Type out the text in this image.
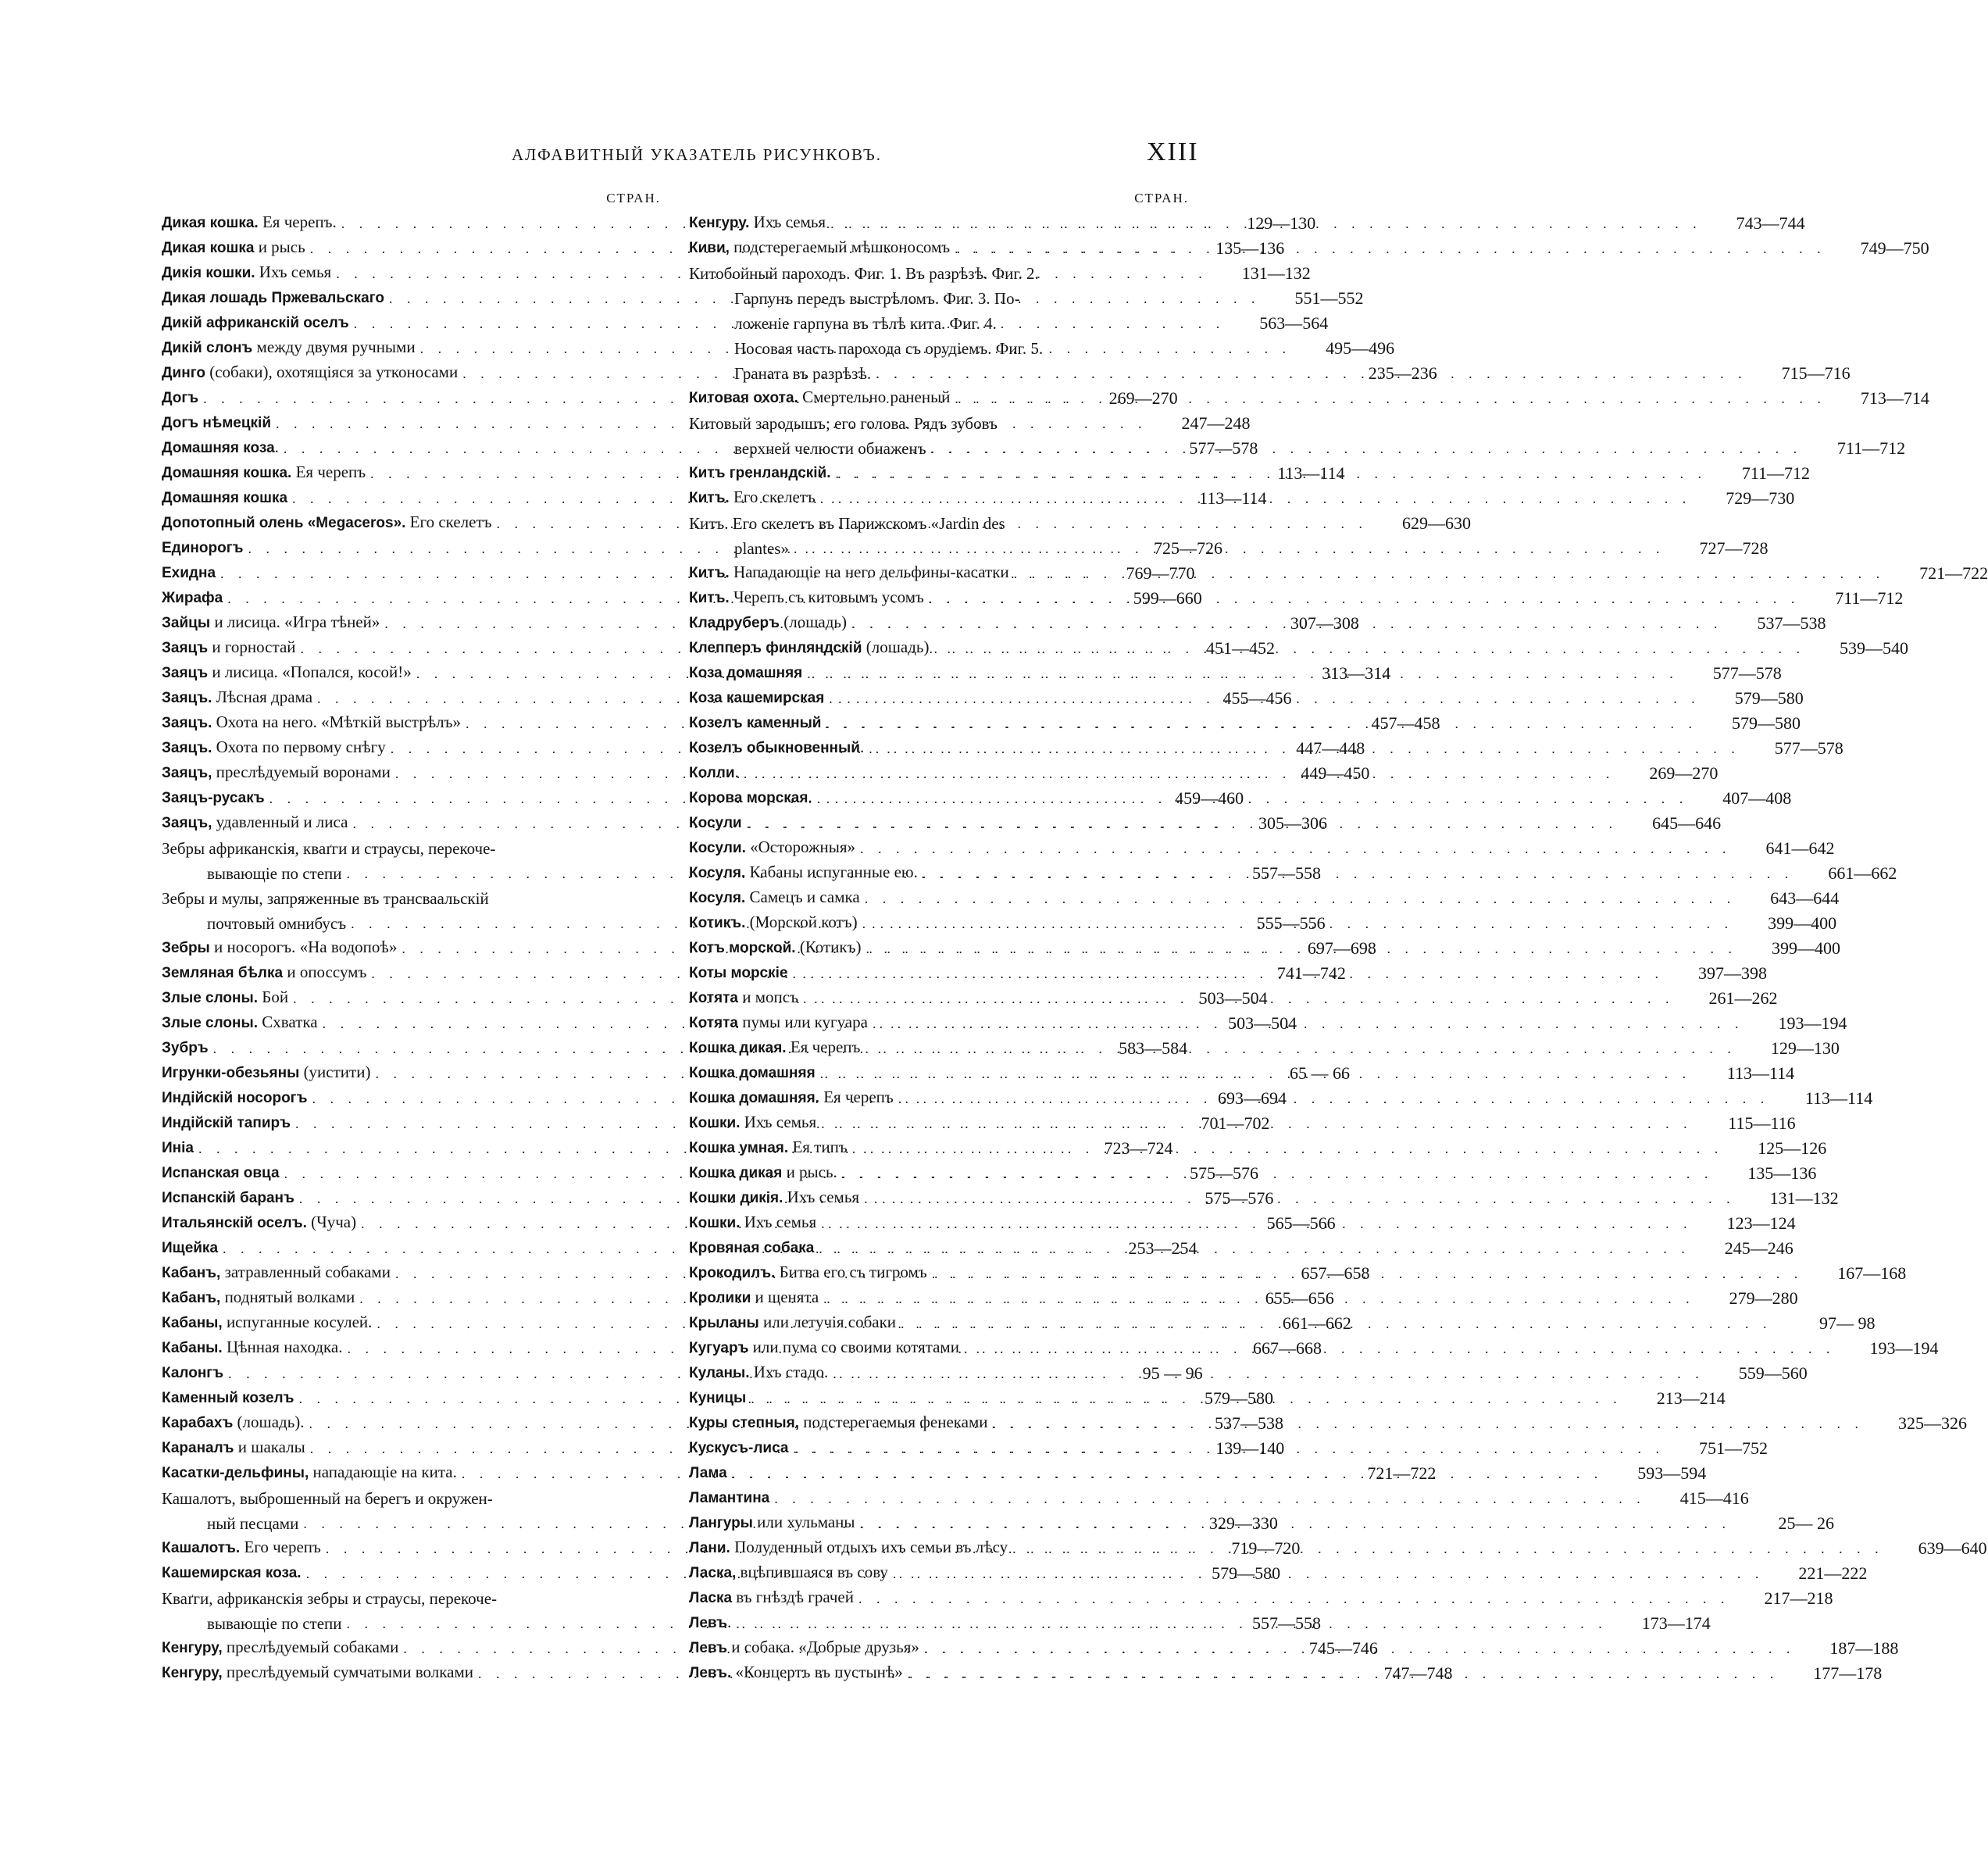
АЛФАВИТНЫЙ УКАЗАТЕЛЬ РИСУНКОВЪ.	XIII
СТРАН.
Дикая кошка. Ея черепъ. . . .	129—130
Дикая кошка и рысь . . .	135—136
Дикія кошки. Ихъ семья . . .	131—132
Дикая лошадь Пржевальскаго . . .	551—552
Дикій африканскій оселъ . . .	563—564
Дикій слонъ между двумя ручными . . .	495—496
Динго (собаки), охотящіяся за утконосами . . .	235—236
Догъ . . .	269—270
Догъ нѣмецкій . . .	247—248
Домашняя коза. . . .	577—578
Домашняя кошка. Ея черепъ . . .	113—114
Домашняя кошка . . .	113—114
Допотопный олень «Megaceros». Его скелетъ . . .	629—630
Единорогъ . . .	725—726
Ехидна . . .	769—770
Жирафа . . .	599—660
Зайцы и лисица. «Игра тѣней» . . .	307—308
Заяцъ и горностай . . .	451—452
Заяцъ и лисица. «Попался, косой!» . . .	313—314
Заяцъ. Лѣсная драма . . .	455—456
Заяцъ. Охота на него. «Мѣткій выстрѣлъ» . . .	457—458
Заяцъ. Охота по первому снѣгу . . .	447—448
Заяцъ, преслѣдуемый воронами . . .	449—450
Заяцъ-русакъ . . .	459—460
Заяцъ, удавленный и лиса . . .	305—306
Зебры африканскія, кваґги и страусы, перекоче-
вывающіе по степи . . .	557—558
Зебры и мулы, запряженные въ трансваальскій
почтовый омнибусъ . . .	555—556
Зебры и носорогъ. «На водопоѣ» . . .	697—698
Земляная бѣлка и опоссумъ . . .	741—742
Злые слоны. Бой . . .	503—504
Злые слоны. Схватка . . .	503—504
Зубръ . . .	583—584
Игрунки-обезьяны (уистити) . . .	65 — 66
Индійскій носорогъ . . .	693—694
Индійскій тапиръ . . .	701—702
Иніа . . .	723—724
Испанская овца . . .	575—576
Испанскій баранъ . . .	575—576
Итальянскій оселъ. (Чуча) . . .	565—566
Ищейка . . .	253—254
Кабанъ, затравленный собаками . . .	657—658
Кабанъ, поднятый волками . . .	655—656
Кабаны, испуганные косулей. . . .	661—662
Кабаны. Цѣнная находка. . . .	667—668
Калонгъ . . .	95 — 96
Каменный козелъ . . .	579—580
Карабахъ (лошадь). . . .	537—538
Караналъ и шакалы . . .	139—140
Касатки-дельфины, нападающіе на кита. . . .	721—722
Кашалотъ, выброшенный на берегъ и окружен-
ный песцами . . .	329—330
Кашалотъ. Его черепъ . . .	719—720
Кашемирская коза. . . .	579—580
Кваґги, африканскія зебры и страусы, перекоче-
вывающіе по степи . . .	557—558
Кенгуру, преслѣдуемый собаками . . .	745—746
Кенгуру, преслѣдуемый сумчатыми волками . . .	747—748
СТРАН.
Кенгуру. Ихъ семья . . .	743—744
Киви, подстерегаемый мѣшконосомъ . . .	749—750
Китобойный пароходъ. Фиг. 1. Въ разрѣзѣ. Фиг. 2.
Гарпунъ передъ выстрѣломъ. Фиг. 3. По-
ложеніе гарпуна въ тѣлѣ кита. Фиг. 4.
Носовая часть парохода съ орудіемъ. Фиг. 5.
Граната въ разрѣзѣ. . . .	715—716
Китовая охота. Смертельно раненый . . .	713—714
Китовый зародышъ; его голова. Рядъ зубовъ
верхней челюсти обнаженъ . . .	711—712
Китъ гренландскій. . . .	711—712
Китъ. Его скелетъ . . .	729—730
Китъ. Его скелетъ въ Парижскомъ «Jardin des
plantes» . . .	727—728
Китъ. Нападающіе на него дельфины-касатки . . .	721—722
Китъ. Черепъ съ китовымъ усомъ . . .	711—712
Кладруберъ (лошадь) . . .	537—538
Клепперъ финляндскій (лошадь) . . .	539—540
Коза домашняя . . .	577—578
Коза кашемирская . . .	579—580
Козелъ каменный . . .	579—580
Козелъ обыкновенный. . . .	577—578
Колли. . . .	269—270
Корова морская. . . .	407—408
Косули . . .	645—646
Косули. «Осторожныя» . . .	641—642
Косуля. Кабаны испуганные ею. . . .	661—662
Косуля. Самецъ и самка . . .	643—644
Котикъ. (Морской котъ) . . .	399—400
Котъ морской. (Котикъ) . . .	399—400
Коты морскіе . . .	397—398
Котята и мопсъ . . .	261—262
Котята пумы или кугуара . . .	193—194
Кошка дикая. Ея черепъ . . .	129—130
Кошка домашняя . . .	113—114
Кошка домашняя. Ея черепъ . . .	113—114
Кошки. Ихъ семья . . .	115—116
Кошка умная. Ея типъ . . .	125—126
Кошка дикая и рысь. . . .	135—136
Кошки дикія. Ихъ семья . . .	131—132
Кошки. Ихъ семья . . .	123—124
Кровяная собака . . .	245—246
Крокодилъ. Битва его съ тигромъ . . .	167—168
Кролики и щенята . . .	279—280
Крыланы или летучія собаки . . .	97— 98
Кугуаръ или пума со своими котятами . . .	193—194
Куланы. Ихъ стадо. . . .	559—560
Куницы . . .	213—214
Куры степныя, подстерегаемыя фенеками . . .	325—326
Кускусъ-лиса . . .	751—752
Лама . . .	593—594
Ламантина . . .	415—416
Лангуры или хульманы . . .	25— 26
Лани. Полуденный отдыхъ ихъ семьи въ лѣсу . . .	639—640
Ласка, вцѣпившаяся въ сову . . .	221—222
Ласка въ гнѣздѣ грачей . . .	217—218
Левъ. . . .	173—174
Левъ и собака. «Добрые друзья» . . .	187—188
Левъ. «Концертъ въ пустынѣ» . . .	177—178
